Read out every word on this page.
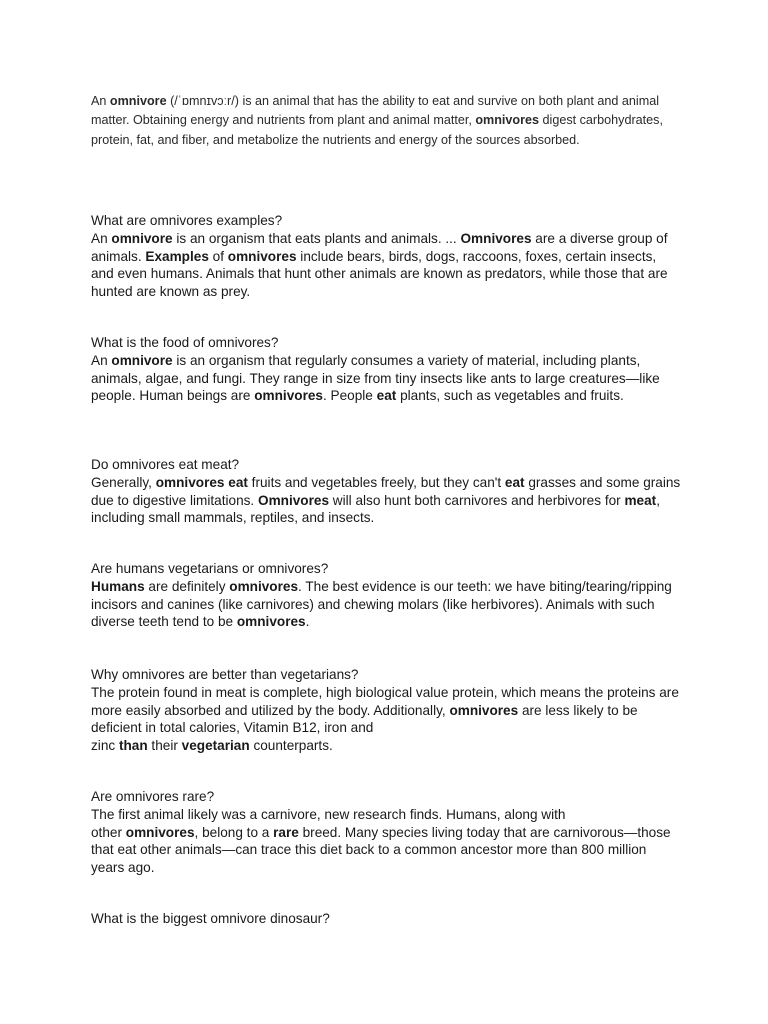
An omnivore (/ˈɒmnɪvɔːr/) is an animal that has the ability to eat and survive on both plant and animal matter. Obtaining energy and nutrients from plant and animal matter, omnivores digest carbohydrates, protein, fat, and fiber, and metabolize the nutrients and energy of the sources absorbed.

What are omnivores examples?
An omnivore is an organism that eats plants and animals. ... Omnivores are a diverse group of animals. Examples of omnivores include bears, birds, dogs, raccoons, foxes, certain insects, and even humans. Animals that hunt other animals are known as predators, while those that are hunted are known as prey.
What is the food of omnivores?
An omnivore is an organism that regularly consumes a variety of material, including plants, animals, algae, and fungi. They range in size from tiny insects like ants to large creatures—like people. Human beings are omnivores. People eat plants, such as vegetables and fruits.
Do omnivores eat meat?
Generally, omnivores eat fruits and vegetables freely, but they can't eat grasses and some grains due to digestive limitations. Omnivores will also hunt both carnivores and herbivores for meat, including small mammals, reptiles, and insects.
Are humans vegetarians or omnivores?
Humans are definitely omnivores. The best evidence is our teeth: we have biting/tearing/ripping incisors and canines (like carnivores) and chewing molars (like herbivores). Animals with such diverse teeth tend to be omnivores.
Why omnivores are better than vegetarians?
The protein found in meat is complete, high biological value protein, which means the proteins are more easily absorbed and utilized by the body. Additionally, omnivores are less likely to be deficient in total calories, Vitamin B12, iron and
zinc than their vegetarian counterparts.
Are omnivores rare?
The first animal likely was a carnivore, new research finds. Humans, along with
other omnivores, belong to a rare breed. Many species living today that are carnivorous—those that eat other animals—can trace this diet back to a common ancestor more than 800 million years ago.
What is the biggest omnivore dinosaur?
